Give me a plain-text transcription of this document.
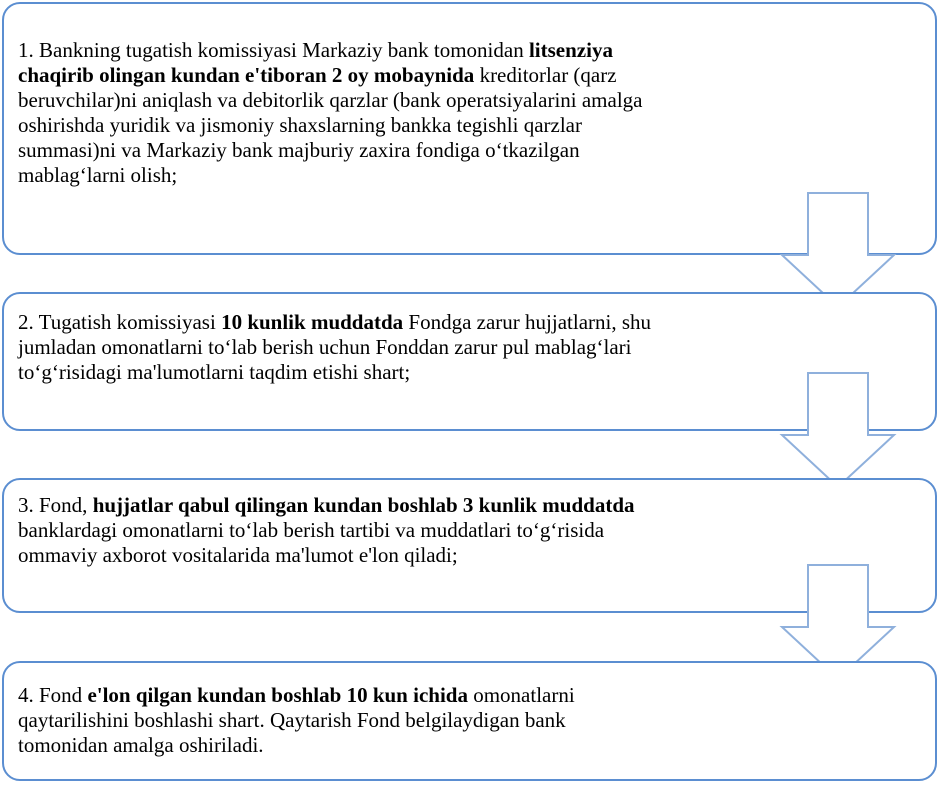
1. Bankning tugatish komissiyasi Markaziy bank tomonidan litsenziya chaqirib olingan kundan e'tiboran 2 oy mobaynida kreditorlar (qarz beruvchilar)ni aniqlash va debitorlik qarzlar (bank operatsiyalarini amalga oshirishda yuridik va jismoniy shaxslarning bankka tegishli qarzlar summasi)ni va Markaziy bank majburiy zaxira fondiga o‘tkazilgan mablag‘larni olish;

2. Tugatish komissiyasi 10 kunlik muddatda Fondga zarur hujjatlarni, shu jumladan omonatlarni to‘lab berish uchun Fonddan zarur pul mablag‘lari to‘g‘risidagi ma'lumotlarni taqdim etishi shart;

3. Fond, hujjatlar qabul qilingan kundan boshlab 3 kunlik muddatda banklardagi omonatlarni to‘lab berish tartibi va muddatlari to‘g‘risida ommaviy axborot vositalarida ma'lumot e'lon qiladi;

4. Fond e'lon qilgan kundan boshlab 10 kun ichida omonatlarni qaytarilishini boshlashi shart. Qaytarish Fond belgilaydigan bank tomonidan amalga oshiriladi.
